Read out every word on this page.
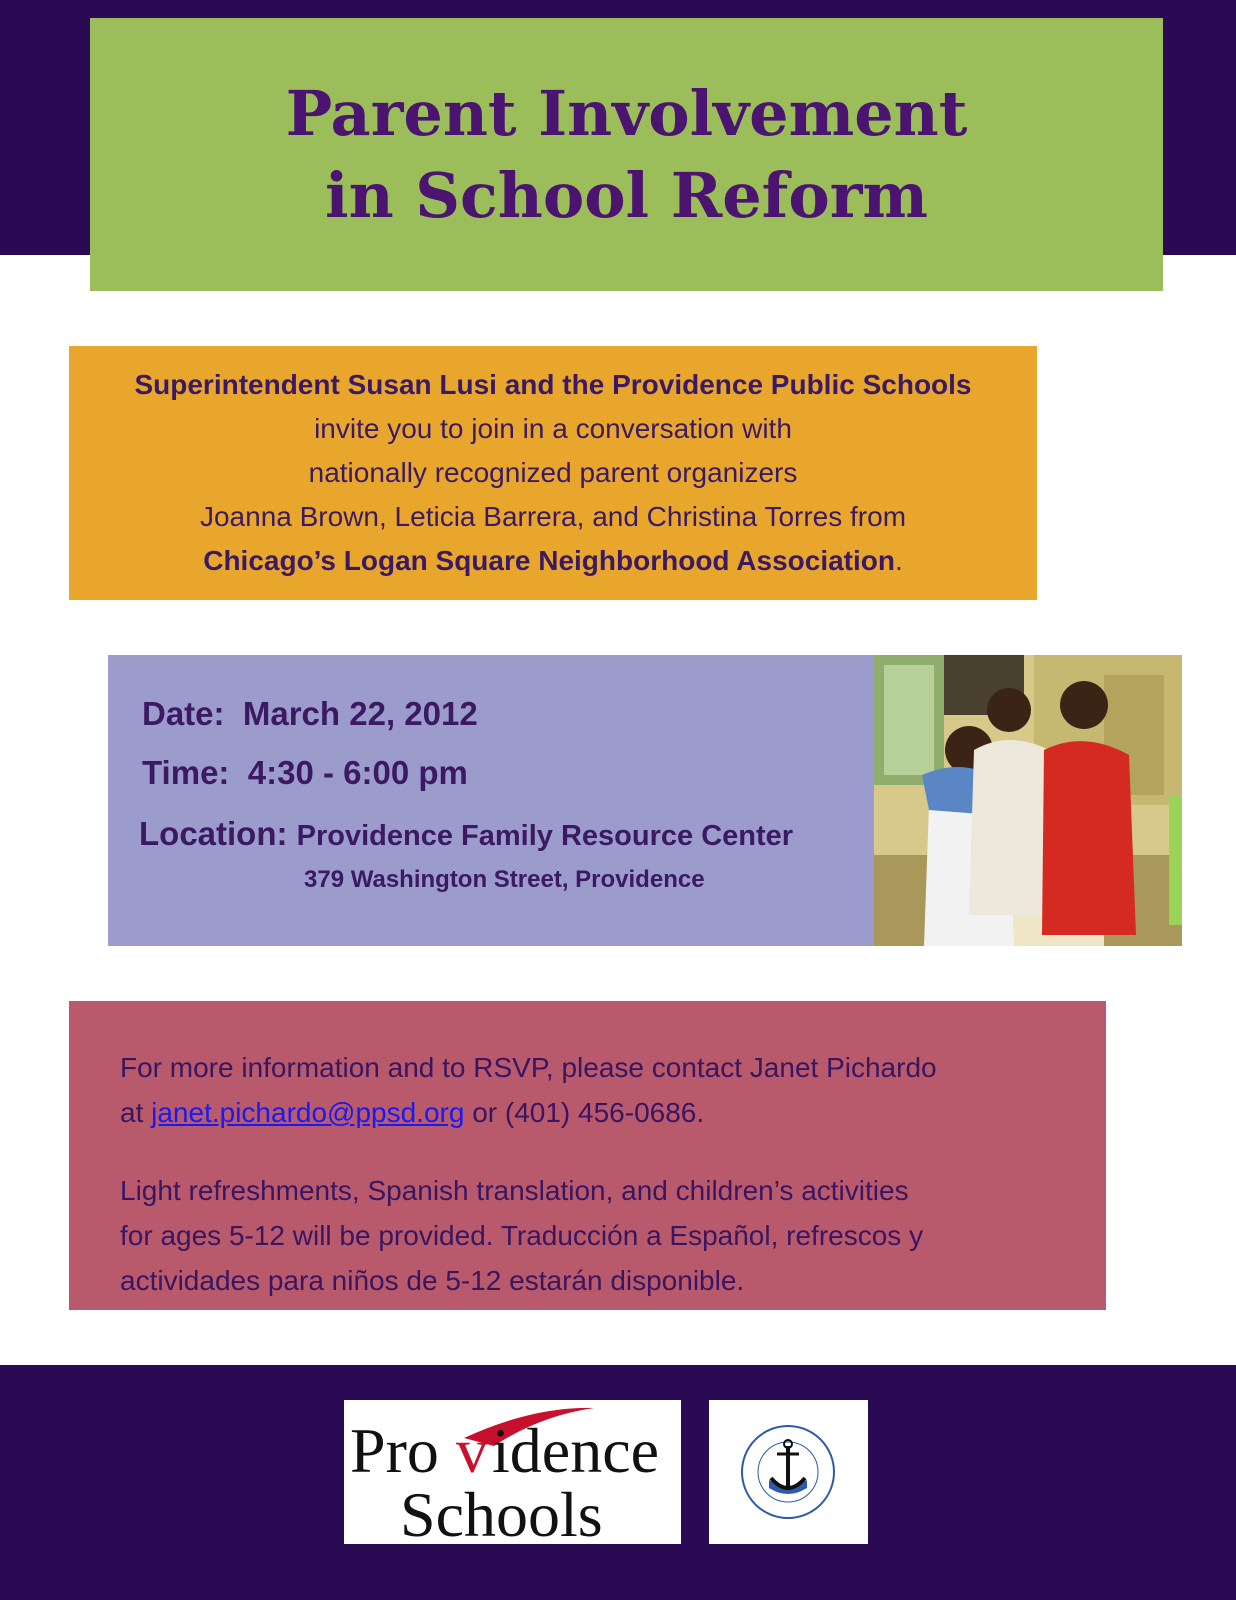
Parent Involvement
in School Reform
Superintendent Susan Lusi and the Providence Public Schools
invite you to join in a conversation with
nationally recognized parent organizers
Joanna Brown, Leticia Barrera, and Christina Torres from
Chicago’s Logan Square Neighborhood Association.
Date: March 22, 2012
Time: 4:30 - 6:00 pm
Location: Providence Family Resource Center
379 Washington Street, Providence
For more information and to RSVP, please contact Janet Pichardo
at janet.pichardo@ppsd.org or (401) 456-0686.
Light refreshments, Spanish translation, and children’s activities
for ages 5-12 will be provided. Traducción a Español, refrescos y
actividades para niños de 5-12 estarán disponible.
Pro v idence
Schools
